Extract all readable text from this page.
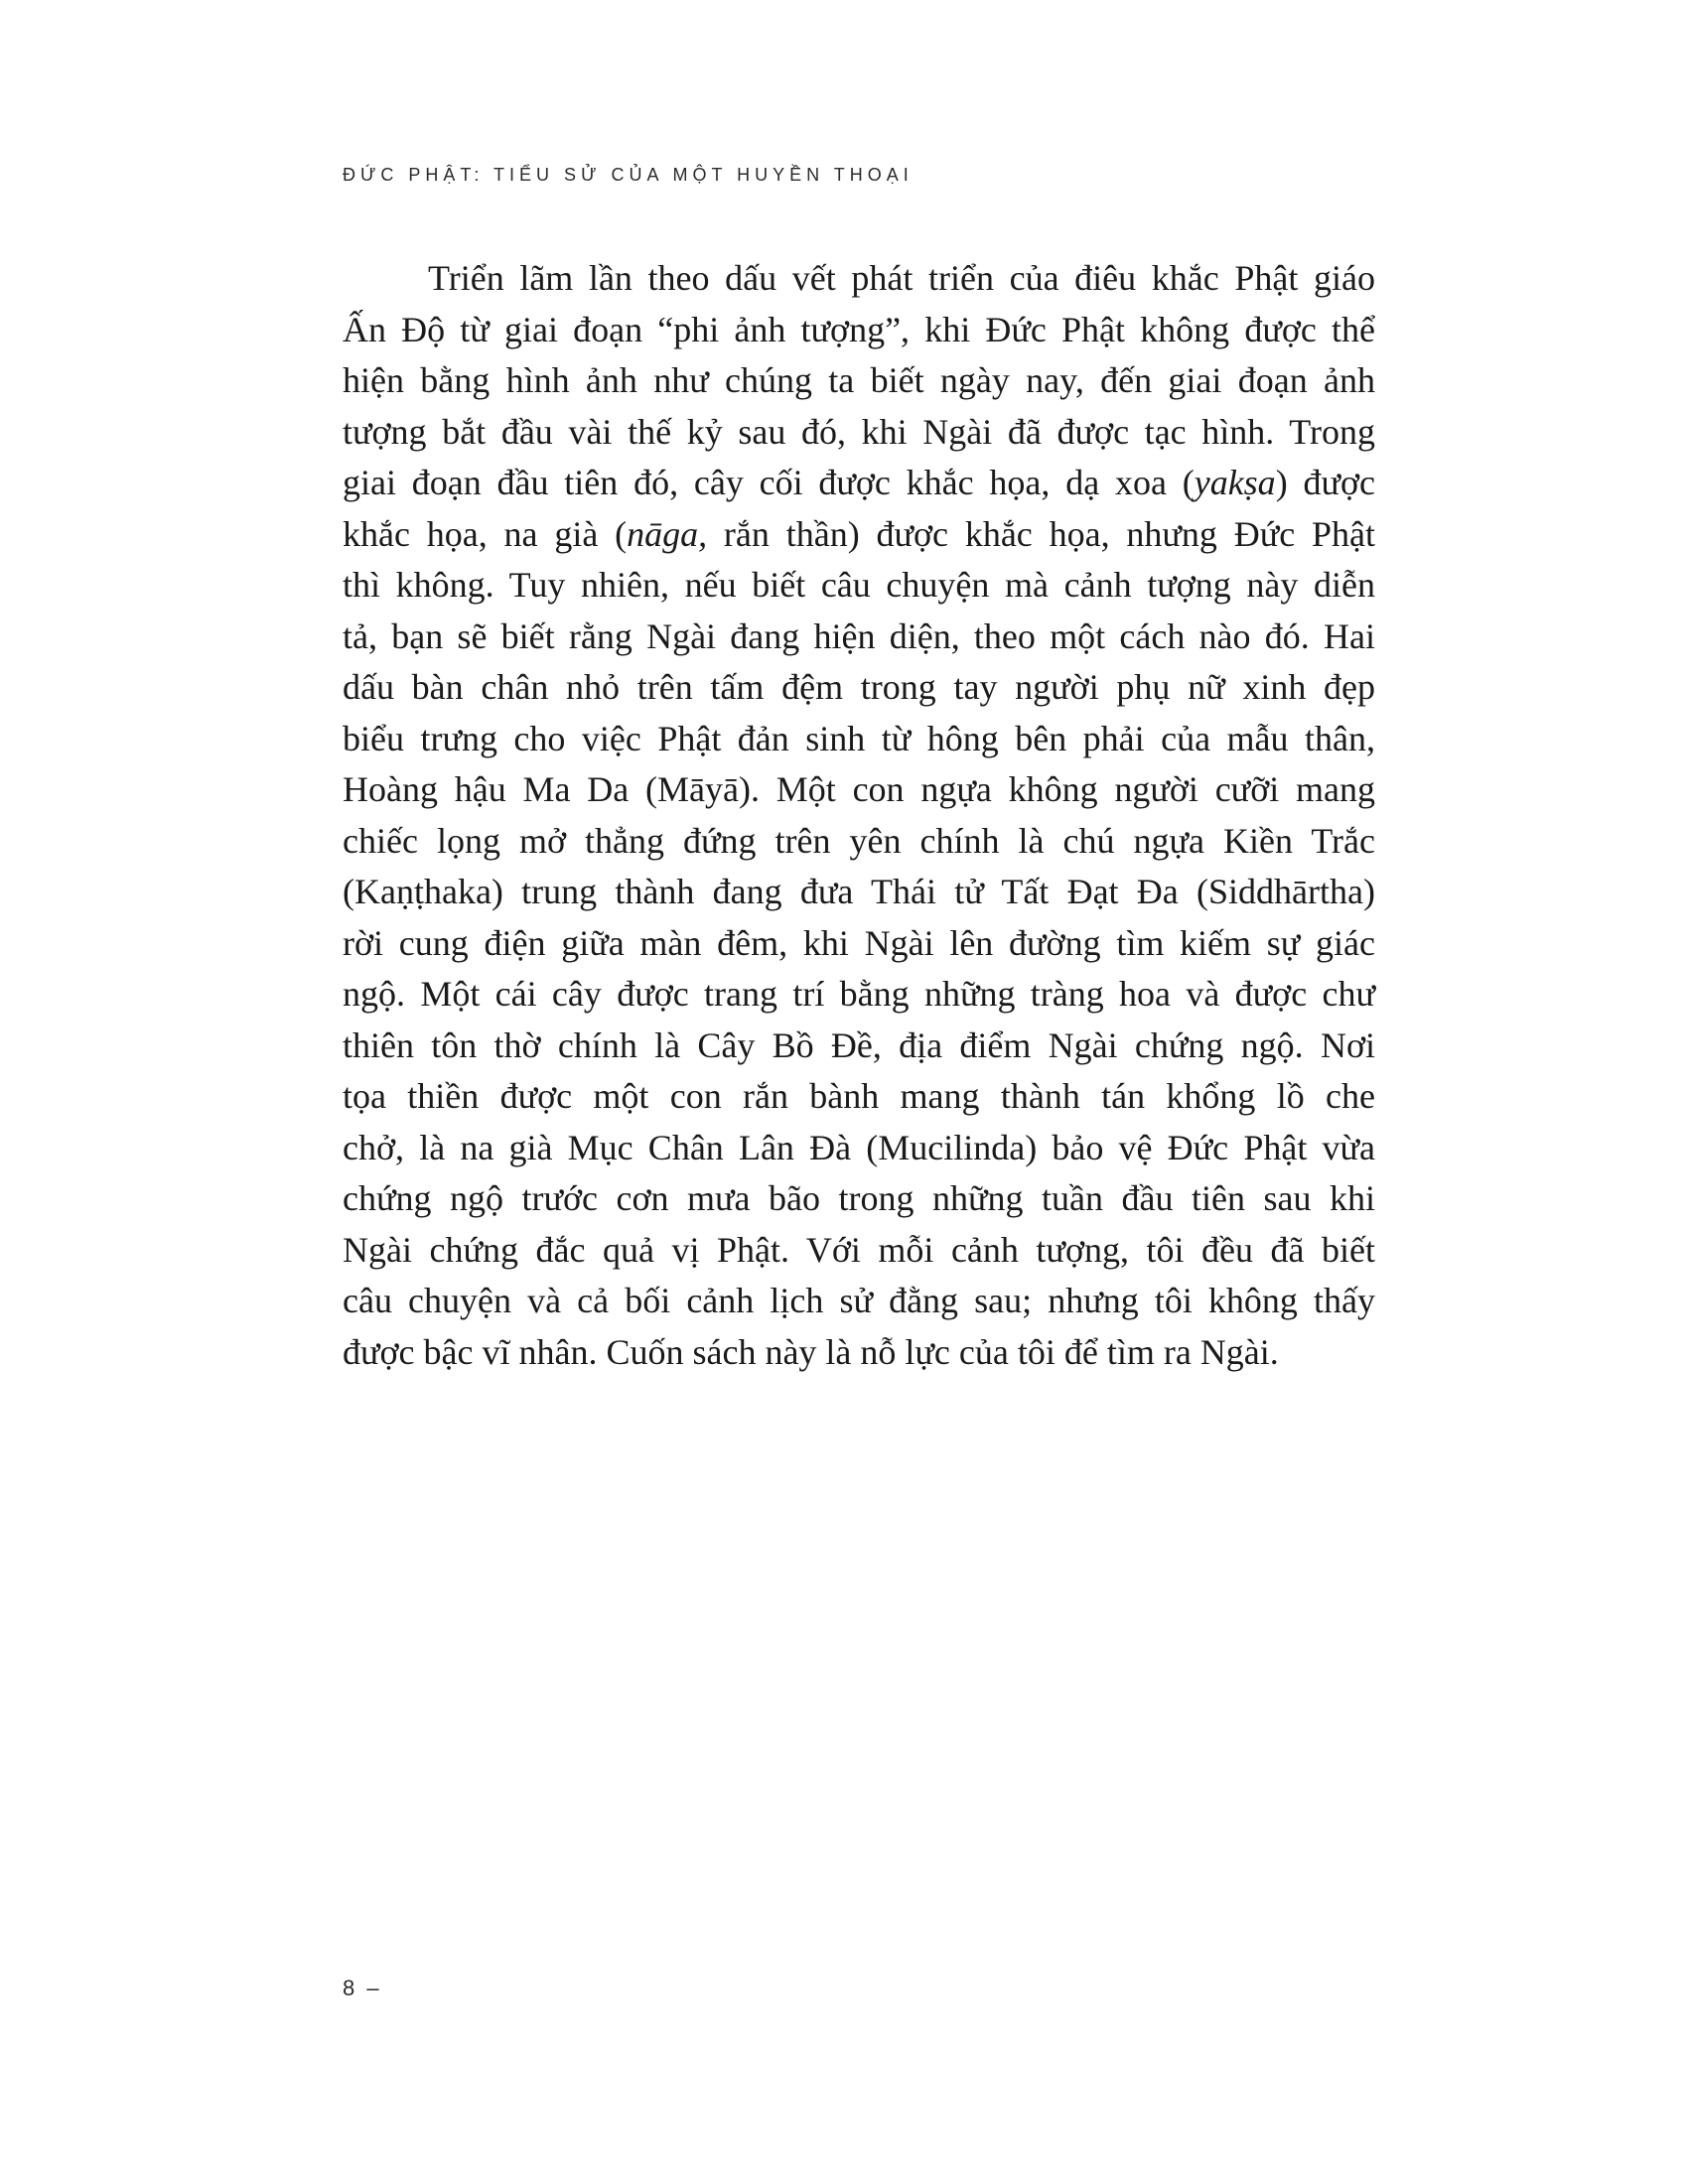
ĐỨC PHẬT: TIỂU SỬ CỦA MỘT HUYỀN THOẠI
Triển lãm lần theo dấu vết phát triển của điêu khắc Phật giáo
Ấn Độ từ giai đoạn “phi ảnh tượng”, khi Đức Phật không được thể
hiện bằng hình ảnh như chúng ta biết ngày nay, đến giai đoạn ảnh
tượng bắt đầu vài thế kỷ sau đó, khi Ngài đã được tạc hình. Trong
giai đoạn đầu tiên đó, cây cối được khắc họa, dạ xoa (yakṣa) được
khắc họa, na già (nāga, rắn thần) được khắc họa, nhưng Đức Phật
thì không. Tuy nhiên, nếu biết câu chuyện mà cảnh tượng này diễn
tả, bạn sẽ biết rằng Ngài đang hiện diện, theo một cách nào đó. Hai
dấu bàn chân nhỏ trên tấm đệm trong tay người phụ nữ xinh đẹp
biểu trưng cho việc Phật đản sinh từ hông bên phải của mẫu thân,
Hoàng hậu Ma Da (Māyā). Một con ngựa không người cưỡi mang
chiếc lọng mở thẳng đứng trên yên chính là chú ngựa Kiền Trắc
(Kaṇṭhaka) trung thành đang đưa Thái tử Tất Đạt Đa (Siddhārtha)
rời cung điện giữa màn đêm, khi Ngài lên đường tìm kiếm sự giác
ngộ. Một cái cây được trang trí bằng những tràng hoa và được chư
thiên tôn thờ chính là Cây Bồ Đề, địa điểm Ngài chứng ngộ. Nơi
tọa thiền được một con rắn bành mang thành tán khổng lồ che
chở, là na già Mục Chân Lân Đà (Mucilinda) bảo vệ Đức Phật vừa
chứng ngộ trước cơn mưa bão trong những tuần đầu tiên sau khi
Ngài chứng đắc quả vị Phật. Với mỗi cảnh tượng, tôi đều đã biết
câu chuyện và cả bối cảnh lịch sử đằng sau; nhưng tôi không thấy
được bậc vĩ nhân. Cuốn sách này là nỗ lực của tôi để tìm ra Ngài.
8 –
